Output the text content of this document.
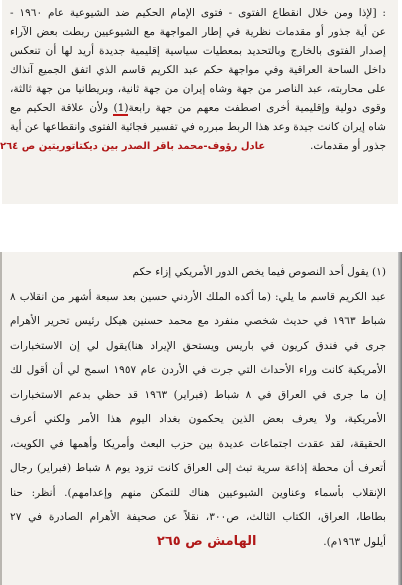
: [لإذا ومن خلال انقطاع الفتوى - فتوى الإمام الحكيم ضد الشيوعية عام ١٩٦٠ -
عن أية جذور أو مقدمات نظرية في إطار المواجهة مع الشيوعيين ربطت بعض الآراء
إصدار الفتوى بالخارج وبالتحديد بمعطيات سياسية إقليمية جديدة أريد لها أن تنعكس
داخل الساحة العراقية وفي مواجهة حكم عبد الكريم قاسم الذي اتفق الجميع آنذاك
على محاربته، عبد الناصر من جهة وشاه إيران من جهة ثانية، وبريطانيا من جهة ثالثة،
وقوى دولية وإقليمية أخرى اصطفت معهم من جهة رابعة(1) ولأن علاقة الحكيم مع
شاه إيران كانت جيدة وعد هذا الربط مبرره في تفسير فجائية الفتوى وانقطاعها عن أية
جذور أو مقدمات.  عادل رؤوف-محمد باقر الصدر بين ديكتاتوريتين ص ٢٦٤

(١) يقول أحد النصوص فيما يخص الدور الأمريكي إزاء حكم
عبد الكريم قاسم ما يلي: (ما أكده الملك الأردني حسين بعد سبعة أشهر من انقلاب ٨
شباط ١٩٦٣ في حديث شخصي منفرد مع محمد حسنين هيكل رئيس تحرير الأهرام
جرى في فندق كريون في باريس ويستحق الإيراد هنا)يقول لي إن الاستخبارات
الأمريكية كانت وراء الأحداث التي جرت في الأردن عام ١٩٥٧ اسمح لي أن أقول لك
إن ما جرى في العراق في ٨ شباط (فبراير) ١٩٦٣ قد حظي بدعم الاستخبارات
الأمريكية، ولا يعرف بعض الذين يحكمون بغداد اليوم هذا الأمر ولكني أعرف
الحقيقة، لقد عقدت اجتماعات عديدة بين حزب البعث وأمريكا وأهمها في الكويت،
أتعرف أن محطة إذاعة سرية تبث إلى العراق كانت تزود يوم ٨ شباط (فبراير) رجال
الإنقلاب بأسماء وعناوين الشيوعيين هناك للتمكن منهم وإعدامهم). أنظر: حنا
بطاطا، العراق، الكتاب الثالث، ص٣٠٠، نقلاً عن صحيفة الأهرام الصادرة في ٢٧
أيلول ١٩٦٣م).  الهامش ص ٢٦٥
